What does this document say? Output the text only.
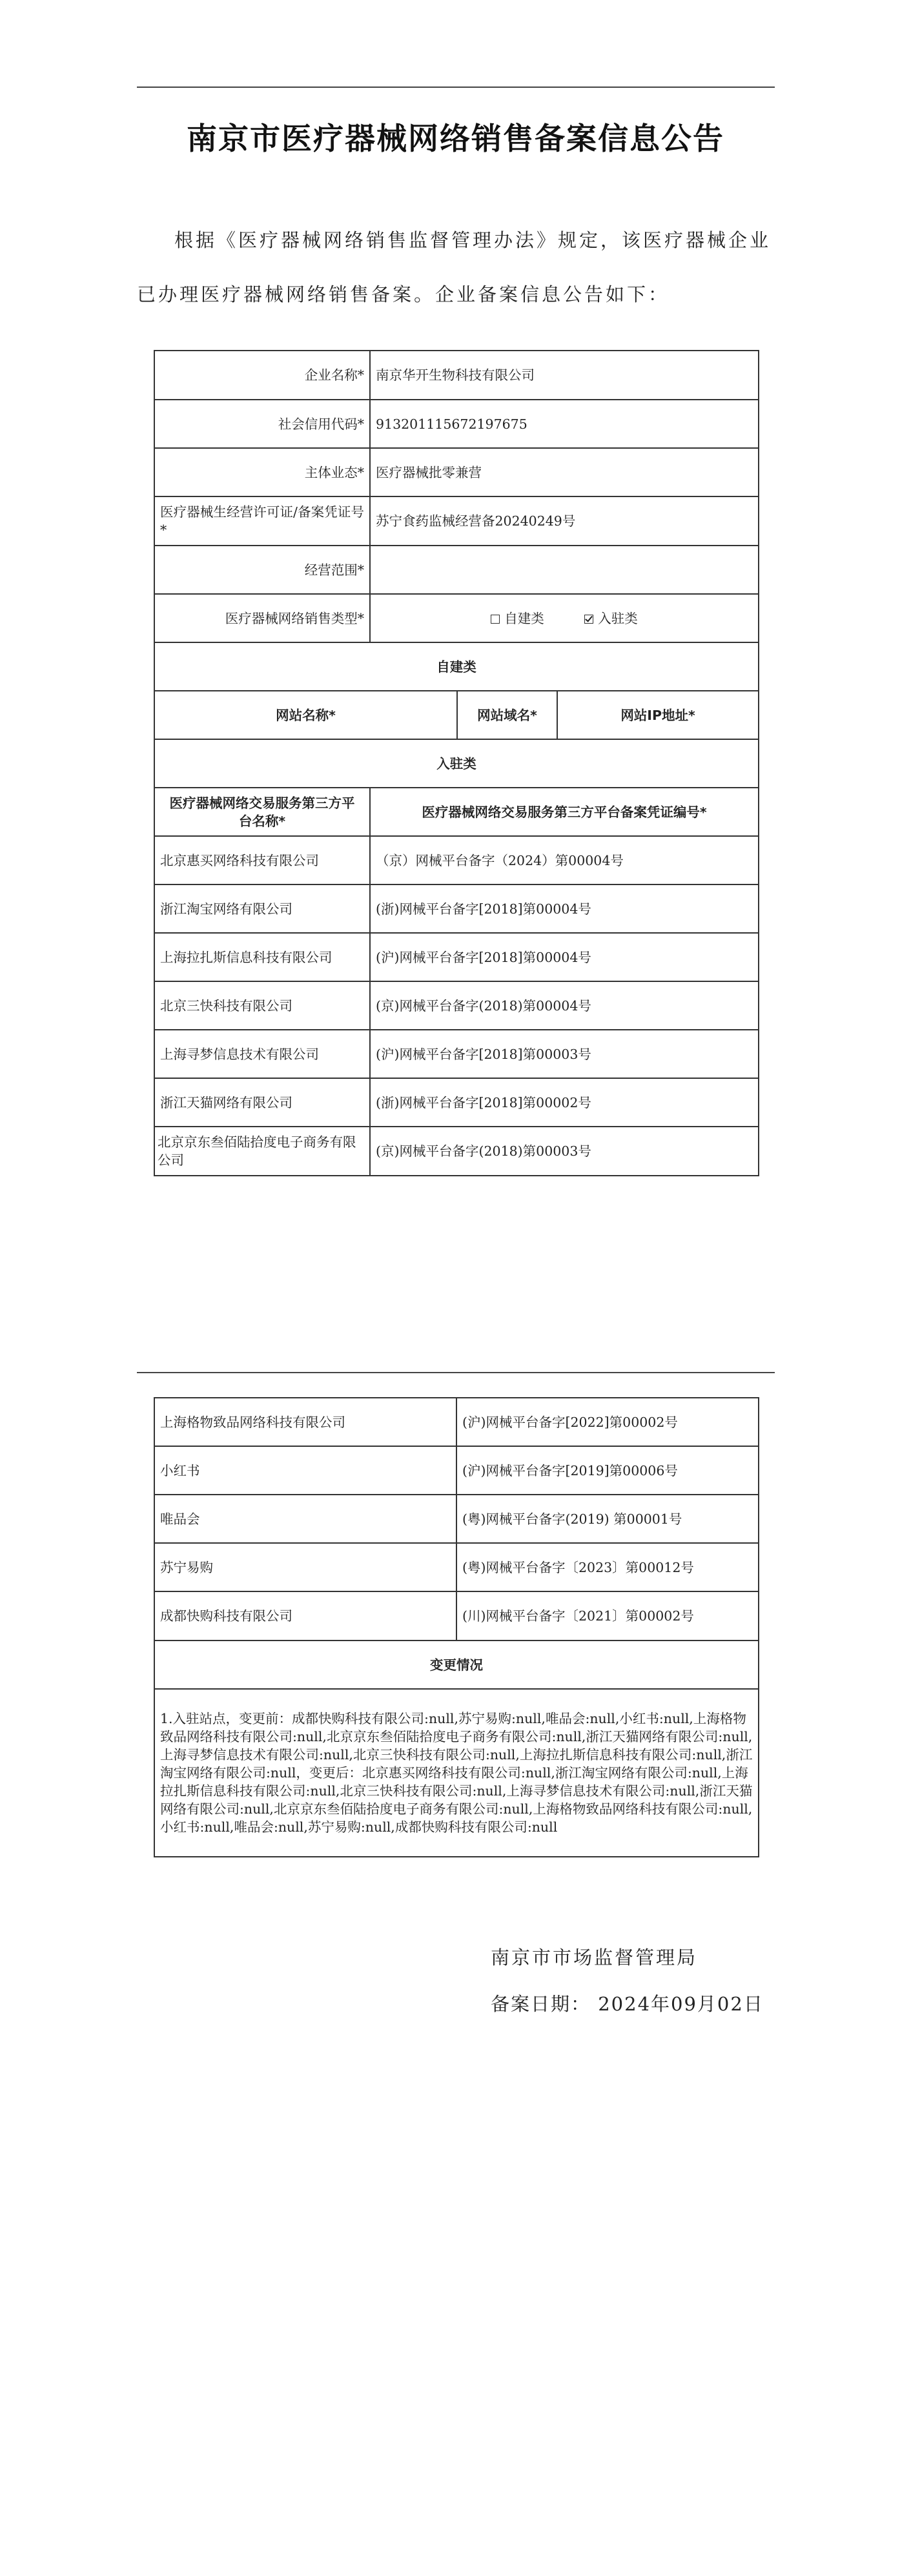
南京市医疗器械网络销售备案信息公告
根据《医疗器械网络销售监督管理办法》规定，该医疗器械企业已办理医疗器械网络销售备案。企业备案信息公告如下：
企业名称*	南京华开生物科技有限公司		
社会信用代码*	913201115672197675		
主体业态*	医疗器械批零兼营		
医疗器械生经营许可证/备案凭证号*	苏宁食药监械经营备20240249号		
经营范围*			
医疗器械网络销售类型*	自建类 入驻类		
自建类			
网站名称*		网站域名*	网站IP地址*
入驻类			
医疗器械网络交易服务第三方平台名称*	医疗器械网络交易服务第三方平台备案凭证编号*		
北京惠买网络科技有限公司	（京）网械平台备字（2024）第00004号		
浙江淘宝网络有限公司	(浙)网械平台备字[2018]第00004号		
上海拉扎斯信息科技有限公司	(沪)网械平台备字[2018]第00004号		
北京三快科技有限公司	(京)网械平台备字(2018)第00004号		
上海寻梦信息技术有限公司	(沪)网械平台备字[2018]第00003号		
浙江天猫网络有限公司	(浙)网械平台备字[2018]第00002号		
北京京东叁佰陆拾度电子商务有限公司	(京)网械平台备字(2018)第00003号		
上海格物致品网络科技有限公司	(沪)网械平台备字[2022]第00002号
小红书	(沪)网械平台备字[2019]第00006号
唯品会	(粤)网械平台备字(2019) 第00001号
苏宁易购	(粤)网械平台备字〔2023〕第00012号
成都快购科技有限公司	(川)网械平台备字〔2021〕第00002号
变更情况	
1.入驻站点，变更前：成都快购科技有限公司:null,苏宁易购:null,唯品会:null,小红书:null,上海格物致品网络科技有限公司:null,北京京东叁佰陆拾度电子商务有限公司:null,浙江天猫网络有限公司:null,上海寻梦信息技术有限公司:null,北京三快科技有限公司:null,上海拉扎斯信息科技有限公司:null,浙江淘宝网络有限公司:null，变更后：北京惠买网络科技有限公司:null,浙江淘宝网络有限公司:null,上海拉扎斯信息科技有限公司:null,北京三快科技有限公司:null,上海寻梦信息技术有限公司:null,浙江天猫网络有限公司:null,北京京东叁佰陆拾度电子商务有限公司:null,上海格物致品网络科技有限公司:null,小红书:null,唯品会:null,苏宁易购:null,成都快购科技有限公司:null	
南京市市场监督管理局
备案日期： 2024年09月02日
